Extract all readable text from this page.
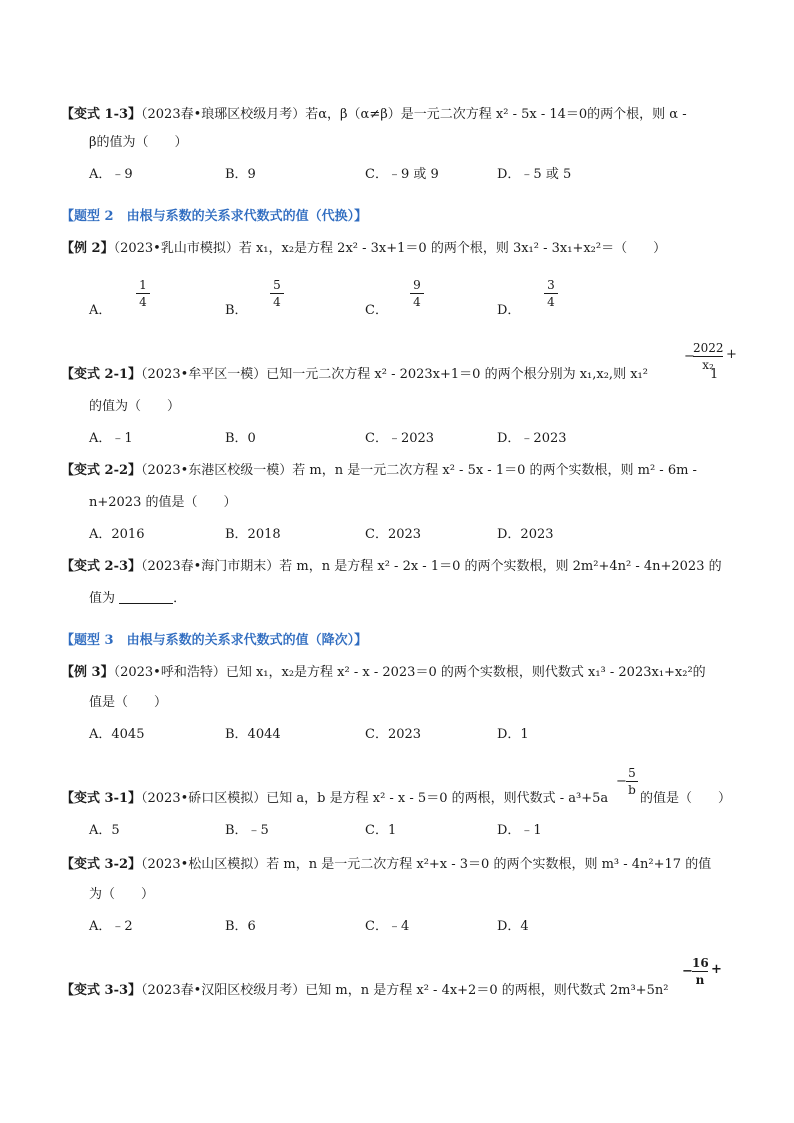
【变式 1-3】（2023春•琅琊区校级月考）若α，β（α≠β）是一元二次方程 x² - 5x - 14＝0的两个根，则 α -
β的值为（　　）
A．﹣9	B．9	C．﹣9 或 9	D．﹣5 或 5
【题型 2　由根与系数的关系求代数式的值（代换）】
【例 2】（2023•乳山市模拟）若 x₁，x₂是方程 2x² - 3x+1＝0 的两个根，则 3x₁² - 3x₁+x₂²＝（　　）
A．
1
4
B．
5
4
C．
9
4
D．
3
4
【变式 2-1】（2023•牟平区一模）已知一元二次方程 x² - 2023x+1＝0 的两个根分别为 x₁,x₂,则 x₁²
−
2022
x₂
+
1
的值为（　　）
A．﹣1	B．0	C．﹣2023	D．﹣2023
【变式 2-2】（2023•东港区校级一模）若 m，n 是一元二次方程 x² - 5x - 1＝0 的两个实数根，则 m² - 6m -
n+2023 的值是（　　）
A．2016	B．2018	C．2023	D．2023
【变式 2-3】（2023春•海门市期末）若 m，n 是方程 x² - 2x - 1＝0 的两个实数根，则 2m²+4n² - 4n+2023 的
值为	．
【题型 3　由根与系数的关系求代数式的值（降次）】
【例 3】（2023•呼和浩特）已知 x₁，x₂是方程 x² - x - 2023＝0 的两个实数根，则代数式 x₁³ - 2023x₁+x₂²的
值是（　　）
A．4045	B．4044	C．2023	D．1
【变式 3-1】（2023•硚口区模拟）已知 a，b 是方程 x² - x - 5＝0 的两根，则代数式 - a³+5a
−
5
b
的值是（　　）
A．5	B．﹣5	C．1	D．﹣1
【变式 3-2】（2023•松山区模拟）若 m，n 是一元二次方程 x²+x - 3＝0 的两个实数根，则 m³ - 4n²+17 的值
为（　　）
A．﹣2	B．6	C．﹣4	D．4
【变式 3-3】（2023春•汉阳区校级月考）已知 m，n 是方程 x² - 4x+2＝0 的两根，则代数式 2m³+5n²
−
16
n
+
